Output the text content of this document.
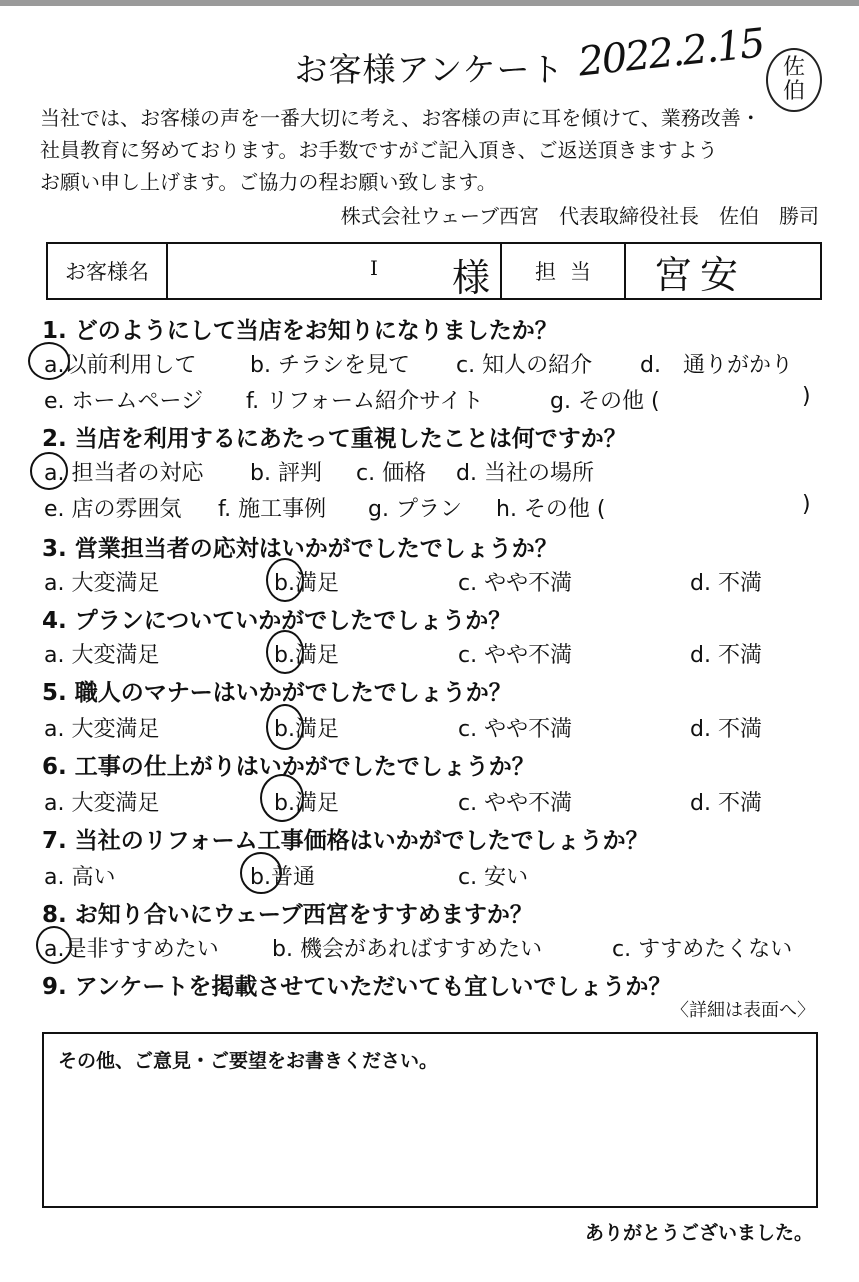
お客様アンケート 2022.2.15 佐
伯
当社では、お客様の声を一番大切に考え、お客様の声に耳を傾けて、業務改善・
社員教育に努めております。お手数ですがご記入頂き、ご返送頂きますよう
お願い申し上げます。ご協力の程お願い致します。
株式会社ウェーブ西宮　代表取締役社長　佐伯　勝司
お客様名	I 様	担当	宮安
1. どのようにして当店をお知りになりましたか？
a.以前利用して b. チラシを見て c. 知人の紹介 d.　通りがかり
e. ホームページ f. リフォーム紹介サイト	g. その他 (	)
2. 当店を利用するにあたって重視したことは何ですか？
a. 担当者の対応 b. 評判 c. 価格 d. 当社の場所
e. 店の雰囲気 f. 施工事例 g. プラン h. その他 (	)
3. 営業担当者の応対はいかがでしたでしょうか？
a. 大変満足	b.満足	c. やや不満	d. 不満
4. プランについていかがでしたでしょうか？
a. 大変満足	b.満足	c. やや不満	d. 不満
5. 職人のマナーはいかがでしたでしょうか？
a. 大変満足	b.満足	c. やや不満	d. 不満
6. 工事の仕上がりはいかがでしたでしょうか？
a. 大変満足	b.満足	c. やや不満	d. 不満
7. 当社のリフォーム工事価格はいかがでしたでしょうか？
a. 高い	b.普通	c. 安い
8. お知り合いにウェーブ西宮をすすめますか？
a.是非すすめたい b. 機会があればすすめたい	c. すすめたくない
9. アンケートを掲載させていただいても宜しいでしょうか？
〈詳細は表面へ〉
その他、ご意見・ご要望をお書きください。
ありがとうございました。
